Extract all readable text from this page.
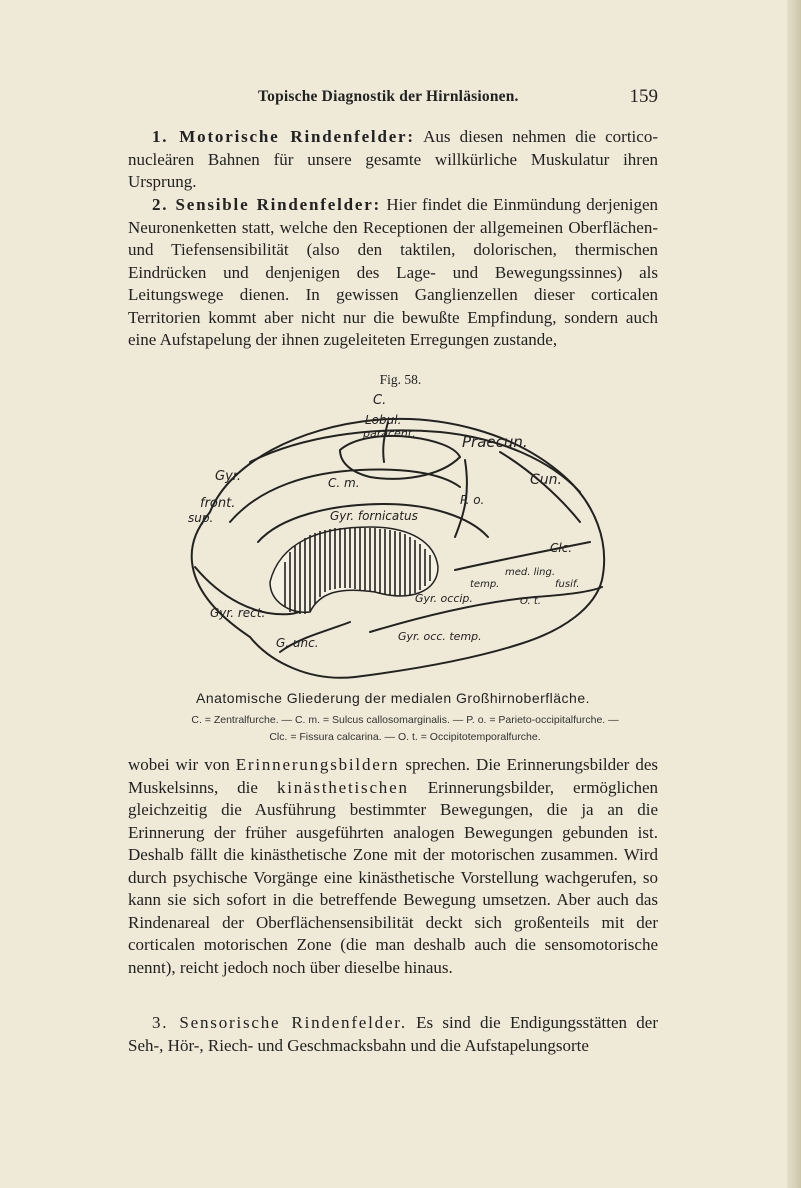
Topische Diagnostik der Hirnläsionen.	159

1. Motorische Rindenfelder: Aus diesen nehmen die cortico-nucleären Bahnen für unsere gesamte willkürliche Muskulatur ihren Ursprung.

2. Sensible Rindenfelder: Hier findet die Einmündung derjenigen Neuronenketten statt, welche den Receptionen der allgemeinen Oberflächen- und Tiefensensibilität (also den taktilen, dolorischen, thermischen Eindrücken und denjenigen des Lage- und Bewegungssinnes) als Leitungswege dienen. In gewissen Ganglienzellen dieser corticalen Territorien kommt aber nicht nur die bewußte Empfindung, sondern auch eine Aufstapelung der ihnen zugeleiteten Erregungen zustande,

Fig. 58.
C.
Lobul.
paracent.	Praecun.
Gyr.
front.
sup.
C. m.
Gyr. fornicatus
P. o.
Cun.
Clc.
med. ling.
temp.
Gyr. occip.
fusif.
O. t.
Gyr. occ. temp.
Gyr. rect.
G. unc.
Anatomische Gliederung der medialen Großhirnoberfläche.
C. = Zentralfurche. — C. m. = Sulcus callosomarginalis. — P. o. = Parieto-occipitalfurche. —
Clc. = Fissura calcarina. — O. t. = Occipitotemporalfurche.

wobei wir von Erinnerungsbildern sprechen. Die Erinnerungsbilder des Muskelsinns, die kinästhetischen Erinnerungsbilder, ermöglichen gleichzeitig die Ausführung bestimmter Bewegungen, die ja an die Erinnerung der früher ausgeführten analogen Bewegungen gebunden ist. Deshalb fällt die kinästhetische Zone mit der motorischen zusammen. Wird durch psychische Vorgänge eine kinästhetische Vorstellung wachgerufen, so kann sie sich sofort in die betreffende Bewegung umsetzen. Aber auch das Rindenareal der Oberflächensensibilität deckt sich großenteils mit der corticalen motorischen Zone (die man deshalb auch die sensomotorische nennt), reicht jedoch noch über dieselbe hinaus.

3. Sensorische Rindenfelder. Es sind die Endigungsstätten der Seh-, Hör-, Riech- und Geschmacksbahn und die Aufstapelungsorte
